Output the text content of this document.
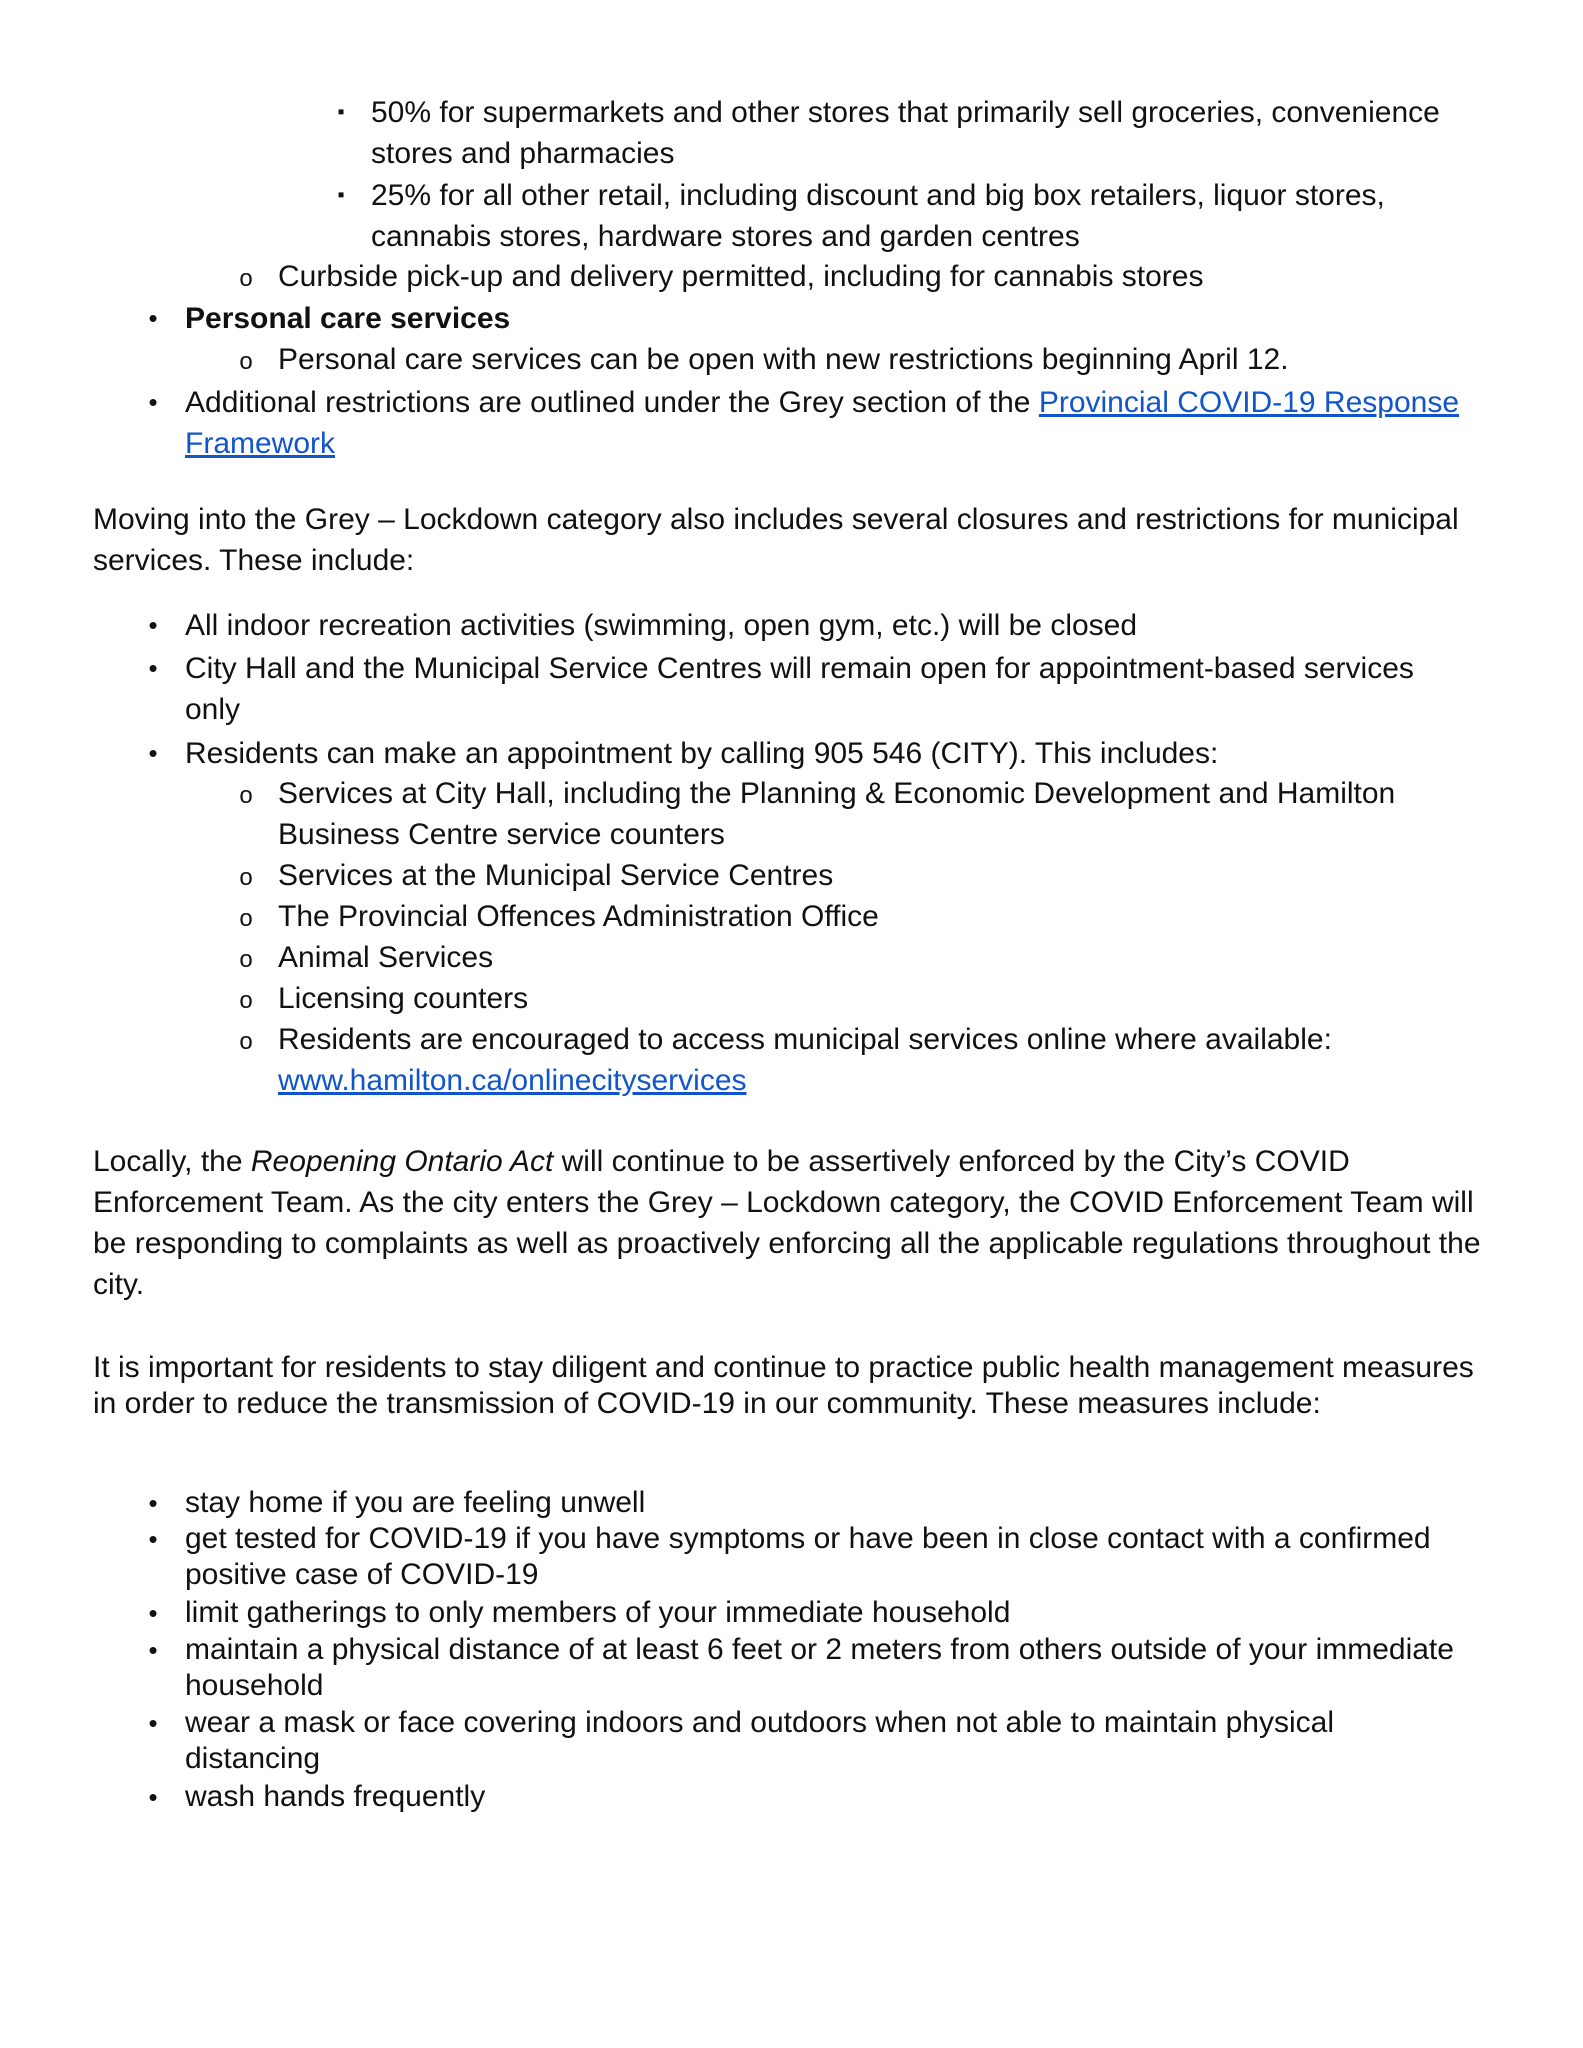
▪ 50% for supermarkets and other stores that primarily sell groceries, convenience stores and pharmacies
▪ 25% for all other retail, including discount and big box retailers, liquor stores, cannabis stores, hardware stores and garden centres
o Curbside pick-up and delivery permitted, including for cannabis stores
• Personal care services
o Personal care services can be open with new restrictions beginning April 12.
• Additional restrictions are outlined under the Grey section of the Provincial COVID-19 Response Framework
Moving into the Grey – Lockdown category also includes several closures and restrictions for municipal services. These include:
• All indoor recreation activities (swimming, open gym, etc.) will be closed
• City Hall and the Municipal Service Centres will remain open for appointment-based services only
• Residents can make an appointment by calling 905 546 (CITY). This includes:
o Services at City Hall, including the Planning & Economic Development and Hamilton Business Centre service counters
o Services at the Municipal Service Centres
o The Provincial Offences Administration Office
o Animal Services
o Licensing counters
o Residents are encouraged to access municipal services online where available:
www.hamilton.ca/onlinecityservices
Locally, the Reopening Ontario Act will continue to be assertively enforced by the City’s COVID Enforcement Team. As the city enters the Grey – Lockdown category, the COVID Enforcement Team will be responding to complaints as well as proactively enforcing all the applicable regulations throughout the city.
It is important for residents to stay diligent and continue to practice public health management measures in order to reduce the transmission of COVID-19 in our community. These measures include:
• stay home if you are feeling unwell
• get tested for COVID-19 if you have symptoms or have been in close contact with a confirmed positive case of COVID-19
• limit gatherings to only members of your immediate household
• maintain a physical distance of at least 6 feet or 2 meters from others outside of your immediate household
• wear a mask or face covering indoors and outdoors when not able to maintain physical distancing
• wash hands frequently
